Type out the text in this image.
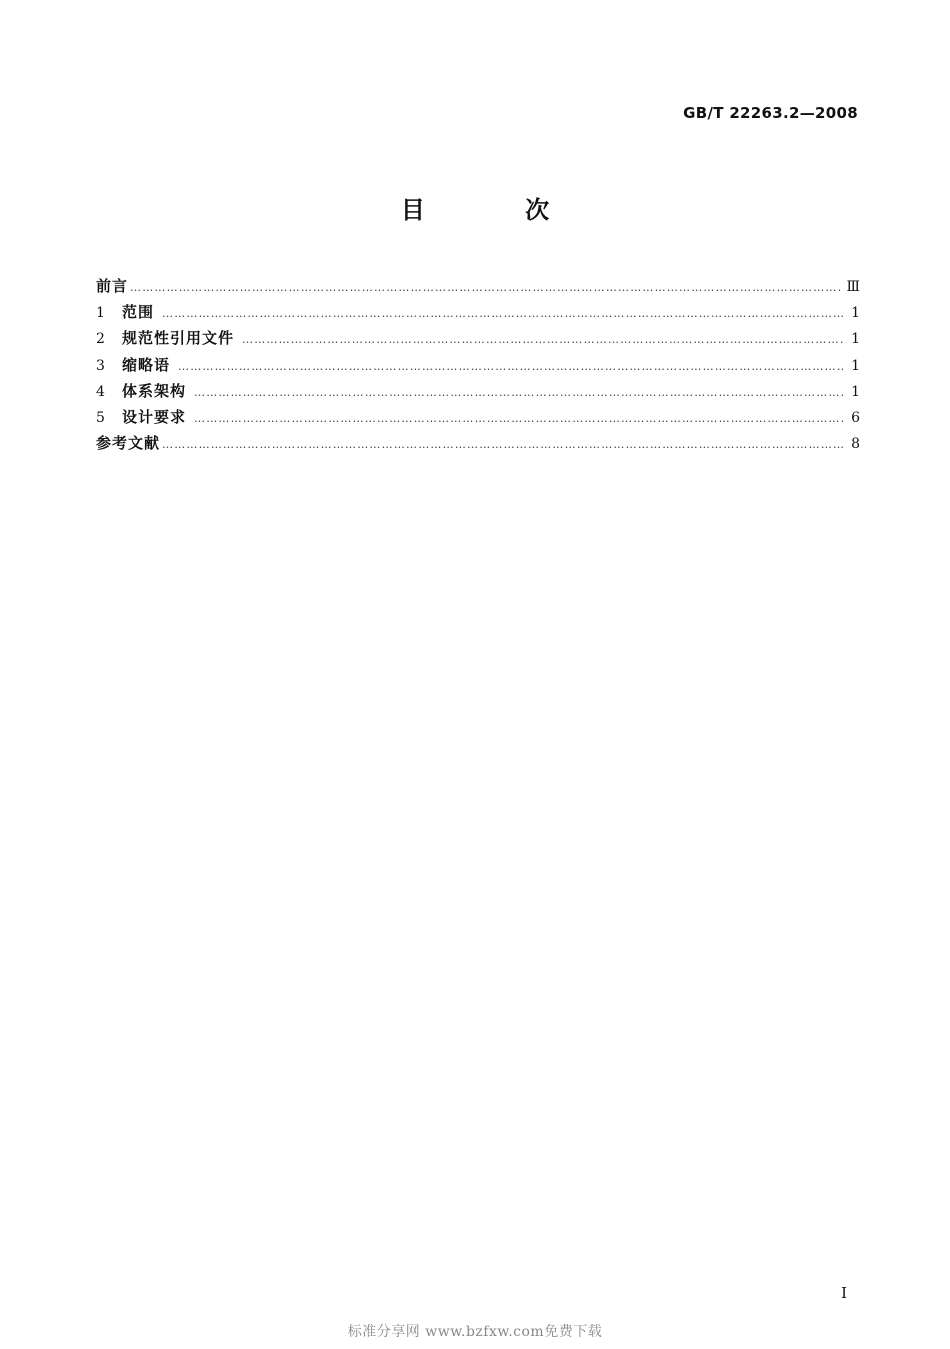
GB/T 22263.2—2008
目 次
前言 …………………………………………………………………………………………………………………………………………………………………………	Ⅲ
1	范围 …………………………………………………………………………………………………………………………………………………………………………	1
2	规范性引用文件 …………………………………………………………………………………………………………………………………………………………………………	1
3	缩略语 …………………………………………………………………………………………………………………………………………………………………………	1
4	体系架构 …………………………………………………………………………………………………………………………………………………………………………	1
5	设计要求 …………………………………………………………………………………………………………………………………………………………………………	6
参考文献 …………………………………………………………………………………………………………………………………………………………………………	8
I
标准分享网 www.bzfxw.com免费下载
